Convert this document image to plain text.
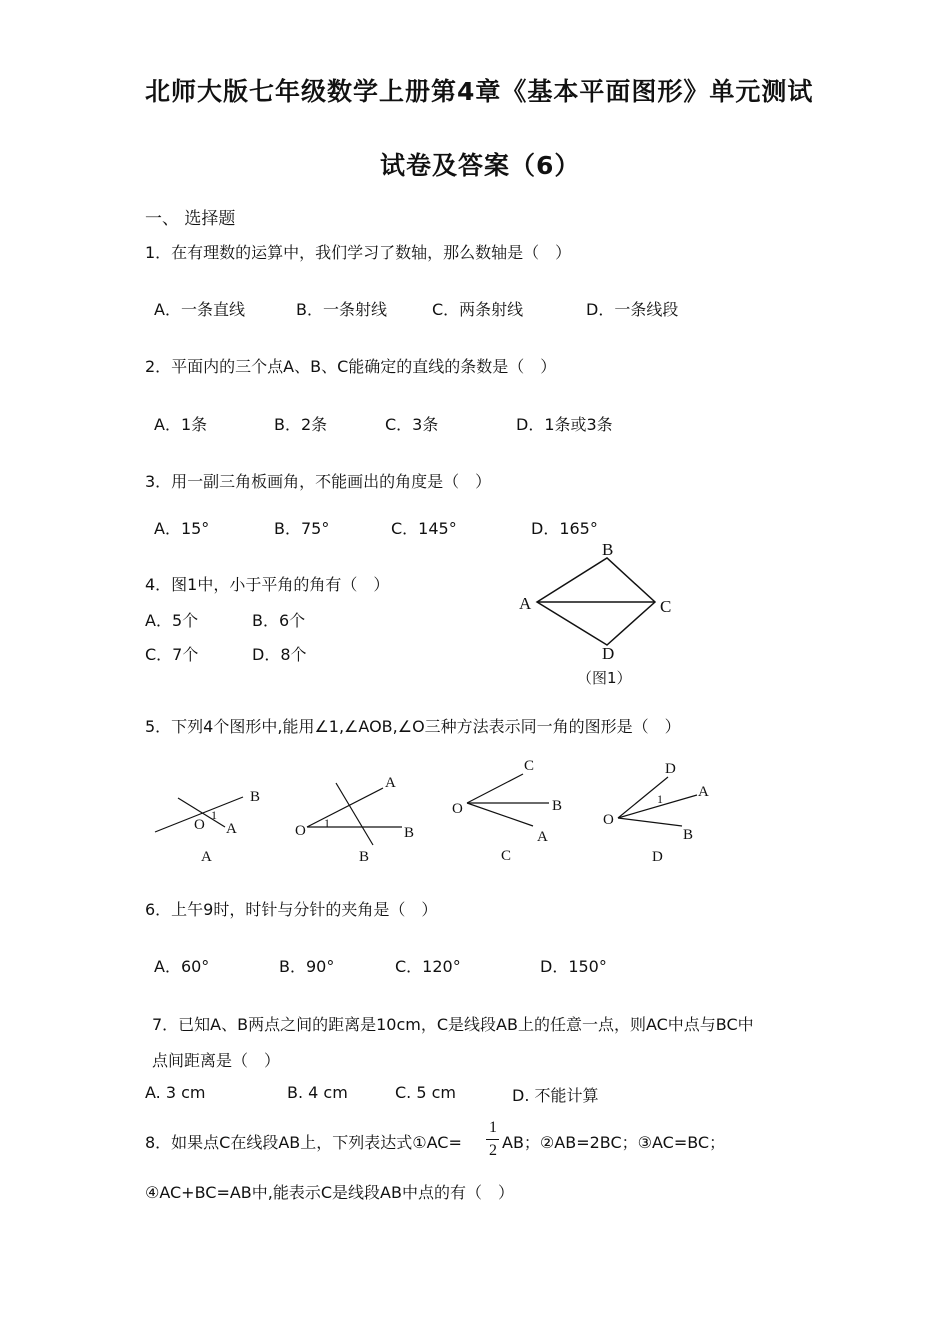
北师大版七年级数学上册第4章《基本平面图形》单元测试
试卷及答案（6）
一、 选择题
1．在有理数的运算中，我们学习了数轴，那么数轴是（　）
A．一条直线	B．一条射线	C．两条射线	D．一条线段
2．平面内的三个点A、B、C能确定的直线的条数是（　）
A．1条	B．2条	C．3条	D．1条或3条
3．用一副三角板画角，不能画出的角度是（　）
A．15°	B．75°	C．145°	D．165°
4．图1中，小于平角的角有（　）
A．5个	B．6个
C．7个	D．8个
B
A	C
D
（图1）
5．下列4个图形中,能用∠1,∠AOB,∠O三种方法表示同一角的图形是（　）
B
1
O A
A
A
O 1
B
B
C
O	B
A
C
D
1 A
O
B
D
6．上午9时，时针与分针的夹角是（　）
A．60°	B．90°	C．120°	D．150°
7．已知A、B两点之间的距离是10cm，C是线段AB上的任意一点，则AC中点与BC中
点间距离是（　）
A. 3 cm	B. 4 cm	C. 5 cm	D. 不能计算
8．如果点C在线段AB上，下列表达式①AC=
1
2 AB；②AB=2BC；③AC=BC；
④AC+BC=AB中,能表示C是线段AB中点的有（　）
